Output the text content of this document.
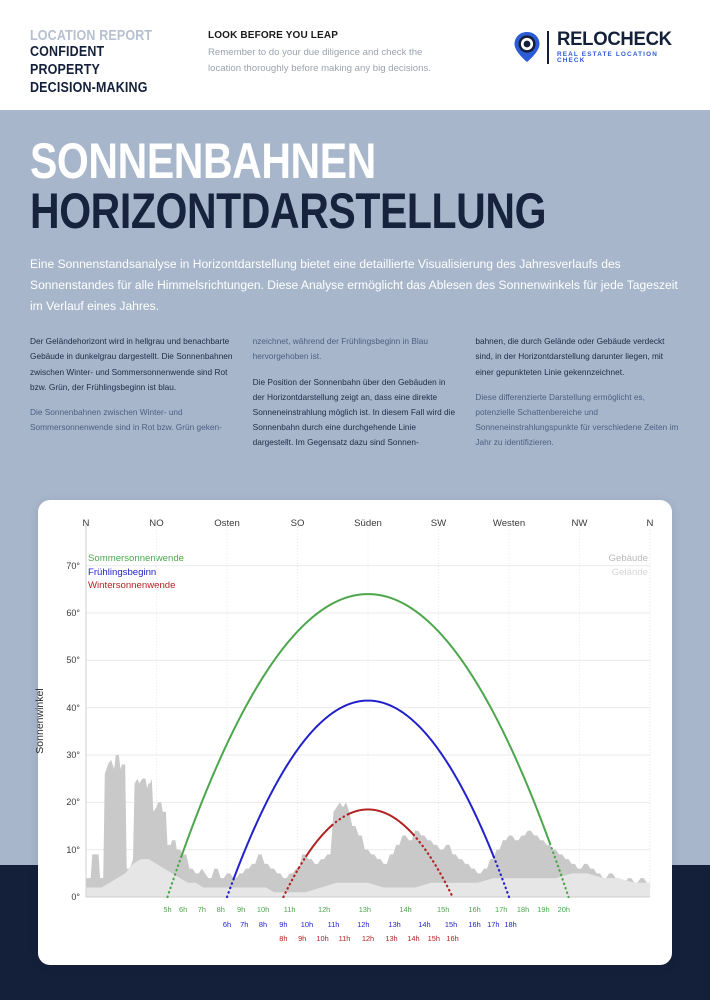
LOCATION REPORT
CONFIDENT PROPERTY
DECISION-MAKING
LOOK BEFORE YOU LEAP
Remember to do your due diligence and check the location thoroughly before making any big decisions.
RELOCHECK
REAL ESTATE LOCATION CHECK
SONNENBAHNEN
HORIZONTDARSTELLUNG
Eine Sonnenstandsanalyse in Horizontdarstellung bietet eine detaillierte Visualisierung des Jahresverlaufs des Sonnenstandes für alle Himmelsrichtungen. Diese Analyse ermöglicht das Ablesen des Sonnenwinkels für jede Tageszeit im Verlauf eines Jahres.

Der Geländehorizont wird in hellgrau und benachbarte Gebäude in dunkelgrau dargestellt. Die Sonnenbahnen zwischen Winter- und Sommersonnenwende sind Rot bzw. Grün, der Frühlingsbeginn ist blau.

Die Sonnenbahnen zwischen Winter- und Sommersonnenwende sind in Rot bzw. Grün geken-

nzeichnet, während der Frühlingsbeginn in Blau hervorgehoben ist.

Die Position der Sonnenbahn über den Gebäuden in der Horizontdarstellung zeigt an, dass eine direkte Sonneneinstrahlung möglich ist. In diesem Fall wird die Sonnenbahn durch eine durchgehende Linie dargestellt. Im Gegensatz dazu sind Sonnen-

bahnen, die durch Gelände oder Gebäude verdeckt sind, in der Horizontdarstellung darunter liegen, mit einer gepunkteten Linie gekennzeichnet.

Diese differenzierte Darstellung ermöglicht es, potenzielle Schattenbereiche und Sonneneinstrahlungspunkte für verschiedene Zeiten im Jahr zu identifizieren.

N	NO	Osten	SO	Süden	SW	Westen	NW	N
Sommersonnenwende
Frühlingsbeginn
Wintersonnenwende
Gebäude
Gelände
Sonnenwinkel
0°
10°
20°
30°
40°
50°
60°
70°
5h 6h 7h 8h 9h 10h 11h	12h	13h	14h	15h	16h 17h 18h 19h 20h
6h 7h 8h 9h 10h 11h 12h	13h 14h 15h 16h 17h 18h
8h 9h 10h 11h 12h 13h 14h 15h 16h
